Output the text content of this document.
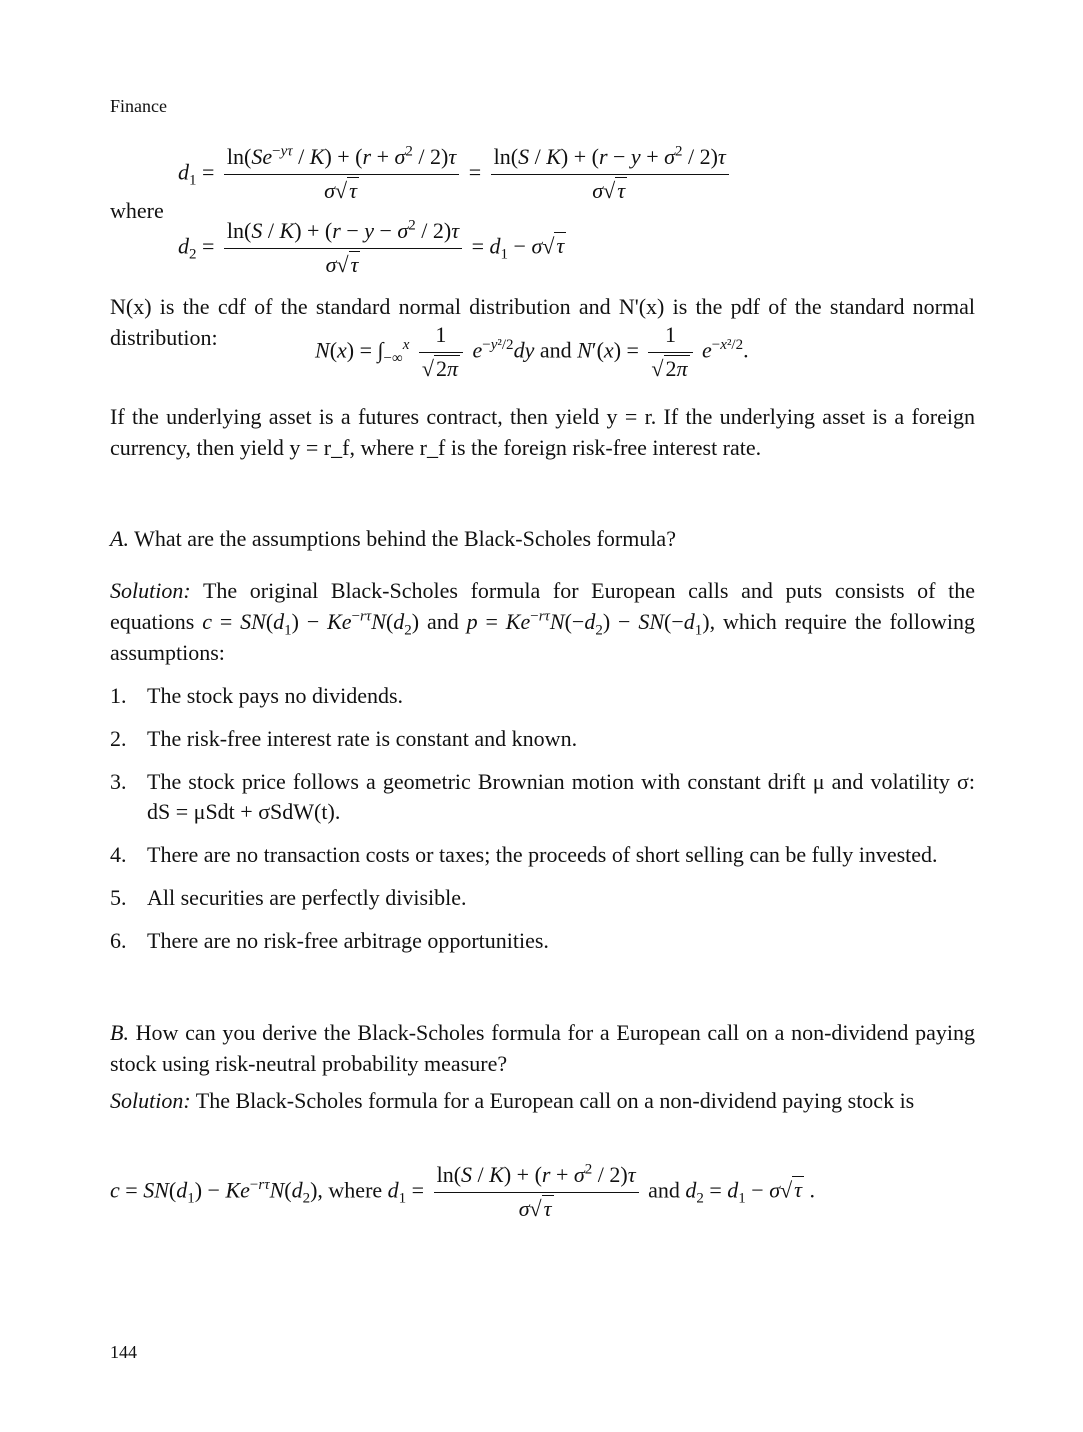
Finance
$d_1 = \frac{\ln(Se^{-y\tau} / K) + (r + \sigma^2 / 2)\tau}{\sigma√\tau} = \frac{\ln(S / K) + (r - y + \sigma^2 / 2)\tau}{\sigma√\tau}$
where
$d_2 = \frac{\ln(S / K) + (r - y - \sigma^2 / 2)\tau}{\sigma√\tau} = d_1 - \sigma√\tau$
N(x) is the cdf of the standard normal distribution and N'(x) is the pdf of the standard normal distribution:
$N(x) = \int_{-\infty}^x \frac{1}{√2\pi} e^{-y^2/2}dy$ and $N'(x) = \frac{1}{√2\pi} e^{-x^2/2}$.
If the underlying asset is a futures contract, then yield y = r. If the underlying asset is a foreign currency, then yield y = r_f, where r_f is the foreign risk-free interest rate.
A. What are the assumptions behind the Black-Scholes formula?
Solution: The original Black-Scholes formula for European calls and puts consists of the equations $c = SN(d_1) - Ke^{-r\tau}N(d_2)$ and $p = Ke^{-r\tau}N(-d_2) - SN(-d_1)$, which require the following assumptions:
1. The stock pays no dividends.
2. The risk-free interest rate is constant and known.
3. The stock price follows a geometric Brownian motion with constant drift μ and volatility σ: dS = μSdt + σSdW(t).
4. There are no transaction costs or taxes; the proceeds of short selling can be fully invested.
5. All securities are perfectly divisible.
6. There are no risk-free arbitrage opportunities.
B. How can you derive the Black-Scholes formula for a European call on a non-dividend paying stock using risk-neutral probability measure?
Solution: The Black-Scholes formula for a European call on a non-dividend paying stock is
$c = SN(d_1) - Ke^{-r\tau}N(d_2)$, where $d_1 = \frac{\ln(S / K) + (r + \sigma^2 / 2)\tau}{\sigma√\tau}$ and $d_2 = d_1 - \sigma√\tau$ .
144
